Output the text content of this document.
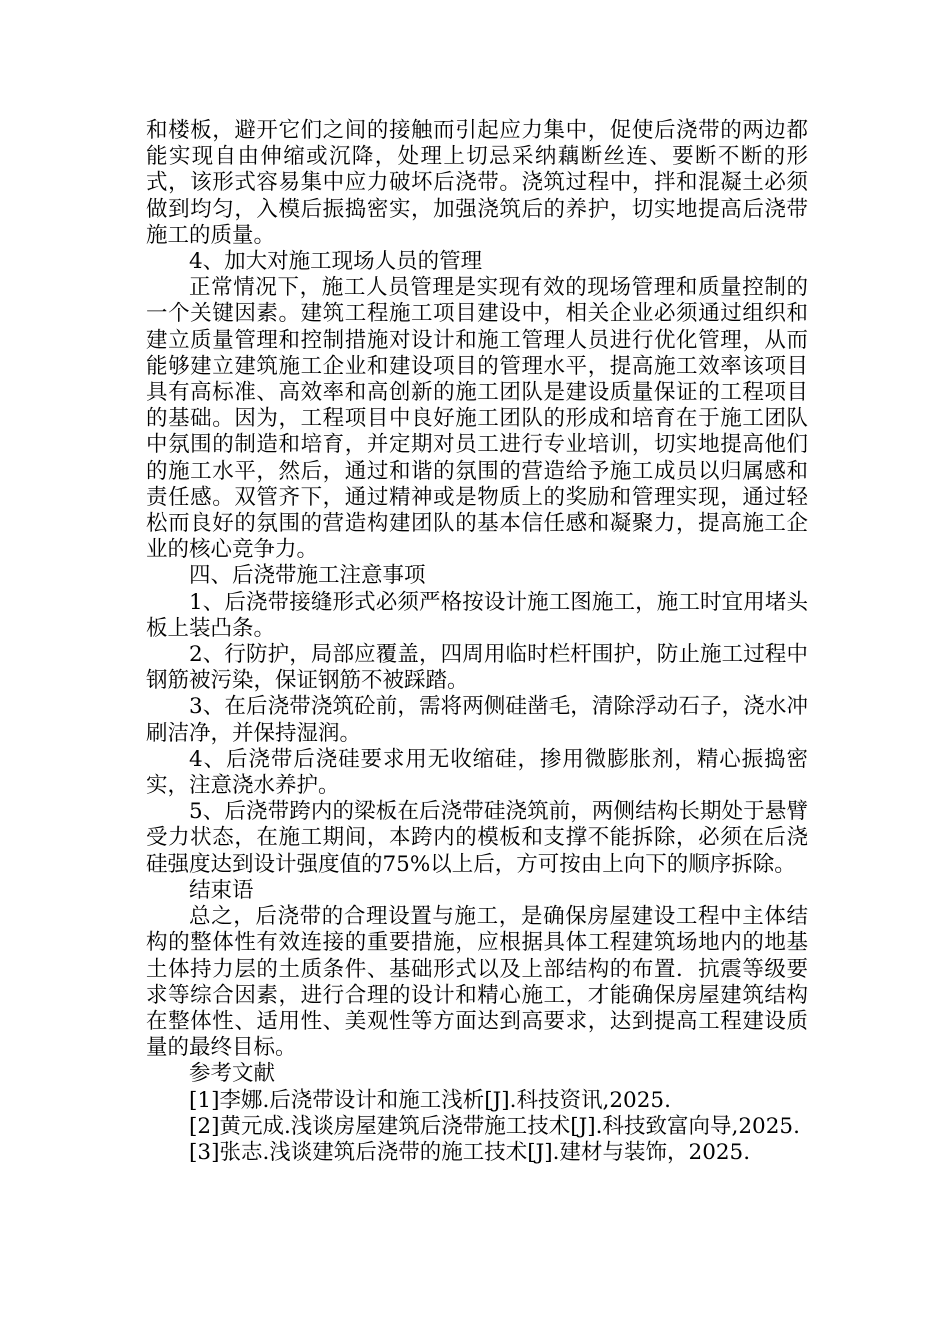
和楼板，避开它们之间的接触而引起应力集中，促使后浇带的两边都能实现自由伸缩或沉降，处理上切忌采纳藕断丝连、要断不断的形式，该形式容易集中应力破坏后浇带。浇筑过程中，拌和混凝土必须做到均匀，入模后振捣密实，加强浇筑后的养护，切实地提高后浇带施工的质量。

4、加大对施工现场人员的管理

正常情况下，施工人员管理是实现有效的现场管理和质量控制的一个关键因素。建筑工程施工项目建设中，相关企业必须通过组织和建立质量管理和控制措施对设计和施工管理人员进行优化管理，从而能够建立建筑施工企业和建设项目的管理水平，提高施工效率该项目具有高标准、高效率和高创新的施工团队是建设质量保证的工程项目的基础。因为，工程项目中良好施工团队的形成和培育在于施工团队中氛围的制造和培育，并定期对员工进行专业培训，切实地提高他们的施工水平，然后，通过和谐的氛围的营造给予施工成员以归属感和责任感。双管齐下，通过精神或是物质上的奖励和管理实现，通过轻松而良好的氛围的营造构建团队的基本信任感和凝聚力，提高施工企业的核心竞争力。

四、后浇带施工注意事项

1、后浇带接缝形式必须严格按设计施工图施工，施工时宜用堵头板上装凸条。

2、行防护，局部应覆盖，四周用临时栏杆围护，防止施工过程中钢筋被污染，保证钢筋不被踩踏。

3、在后浇带浇筑砼前，需将两侧硅凿毛，清除浮动石子，浇水冲刷洁净，并保持湿润。

4、后浇带后浇硅要求用无收缩硅，掺用微膨胀剂，精心振捣密实，注意浇水养护。

5、后浇带跨内的梁板在后浇带硅浇筑前，两侧结构长期处于悬臂受力状态，在施工期间，本跨内的模板和支撑不能拆除，必须在后浇硅强度达到设计强度值的75%以上后，方可按由上向下的顺序拆除。

结束语

总之，后浇带的合理设置与施工，是确保房屋建设工程中主体结构的整体性有效连接的重要措施，应根据具体工程建筑场地内的地基土体持力层的土质条件、基础形式以及上部结构的布置．抗震等级要求等综合因素，进行合理的设计和精心施工，才能确保房屋建筑结构在整体性、适用性、美观性等方面达到高要求，达到提高工程建设质量的最终目标。

参考文献

[1]李娜.后浇带设计和施工浅析[J].科技资讯,2025.

[2]黄元成.浅谈房屋建筑后浇带施工技术[J].科技致富向导,2025.

[3]张志.浅谈建筑后浇带的施工技术[J].建材与装饰，2025.
